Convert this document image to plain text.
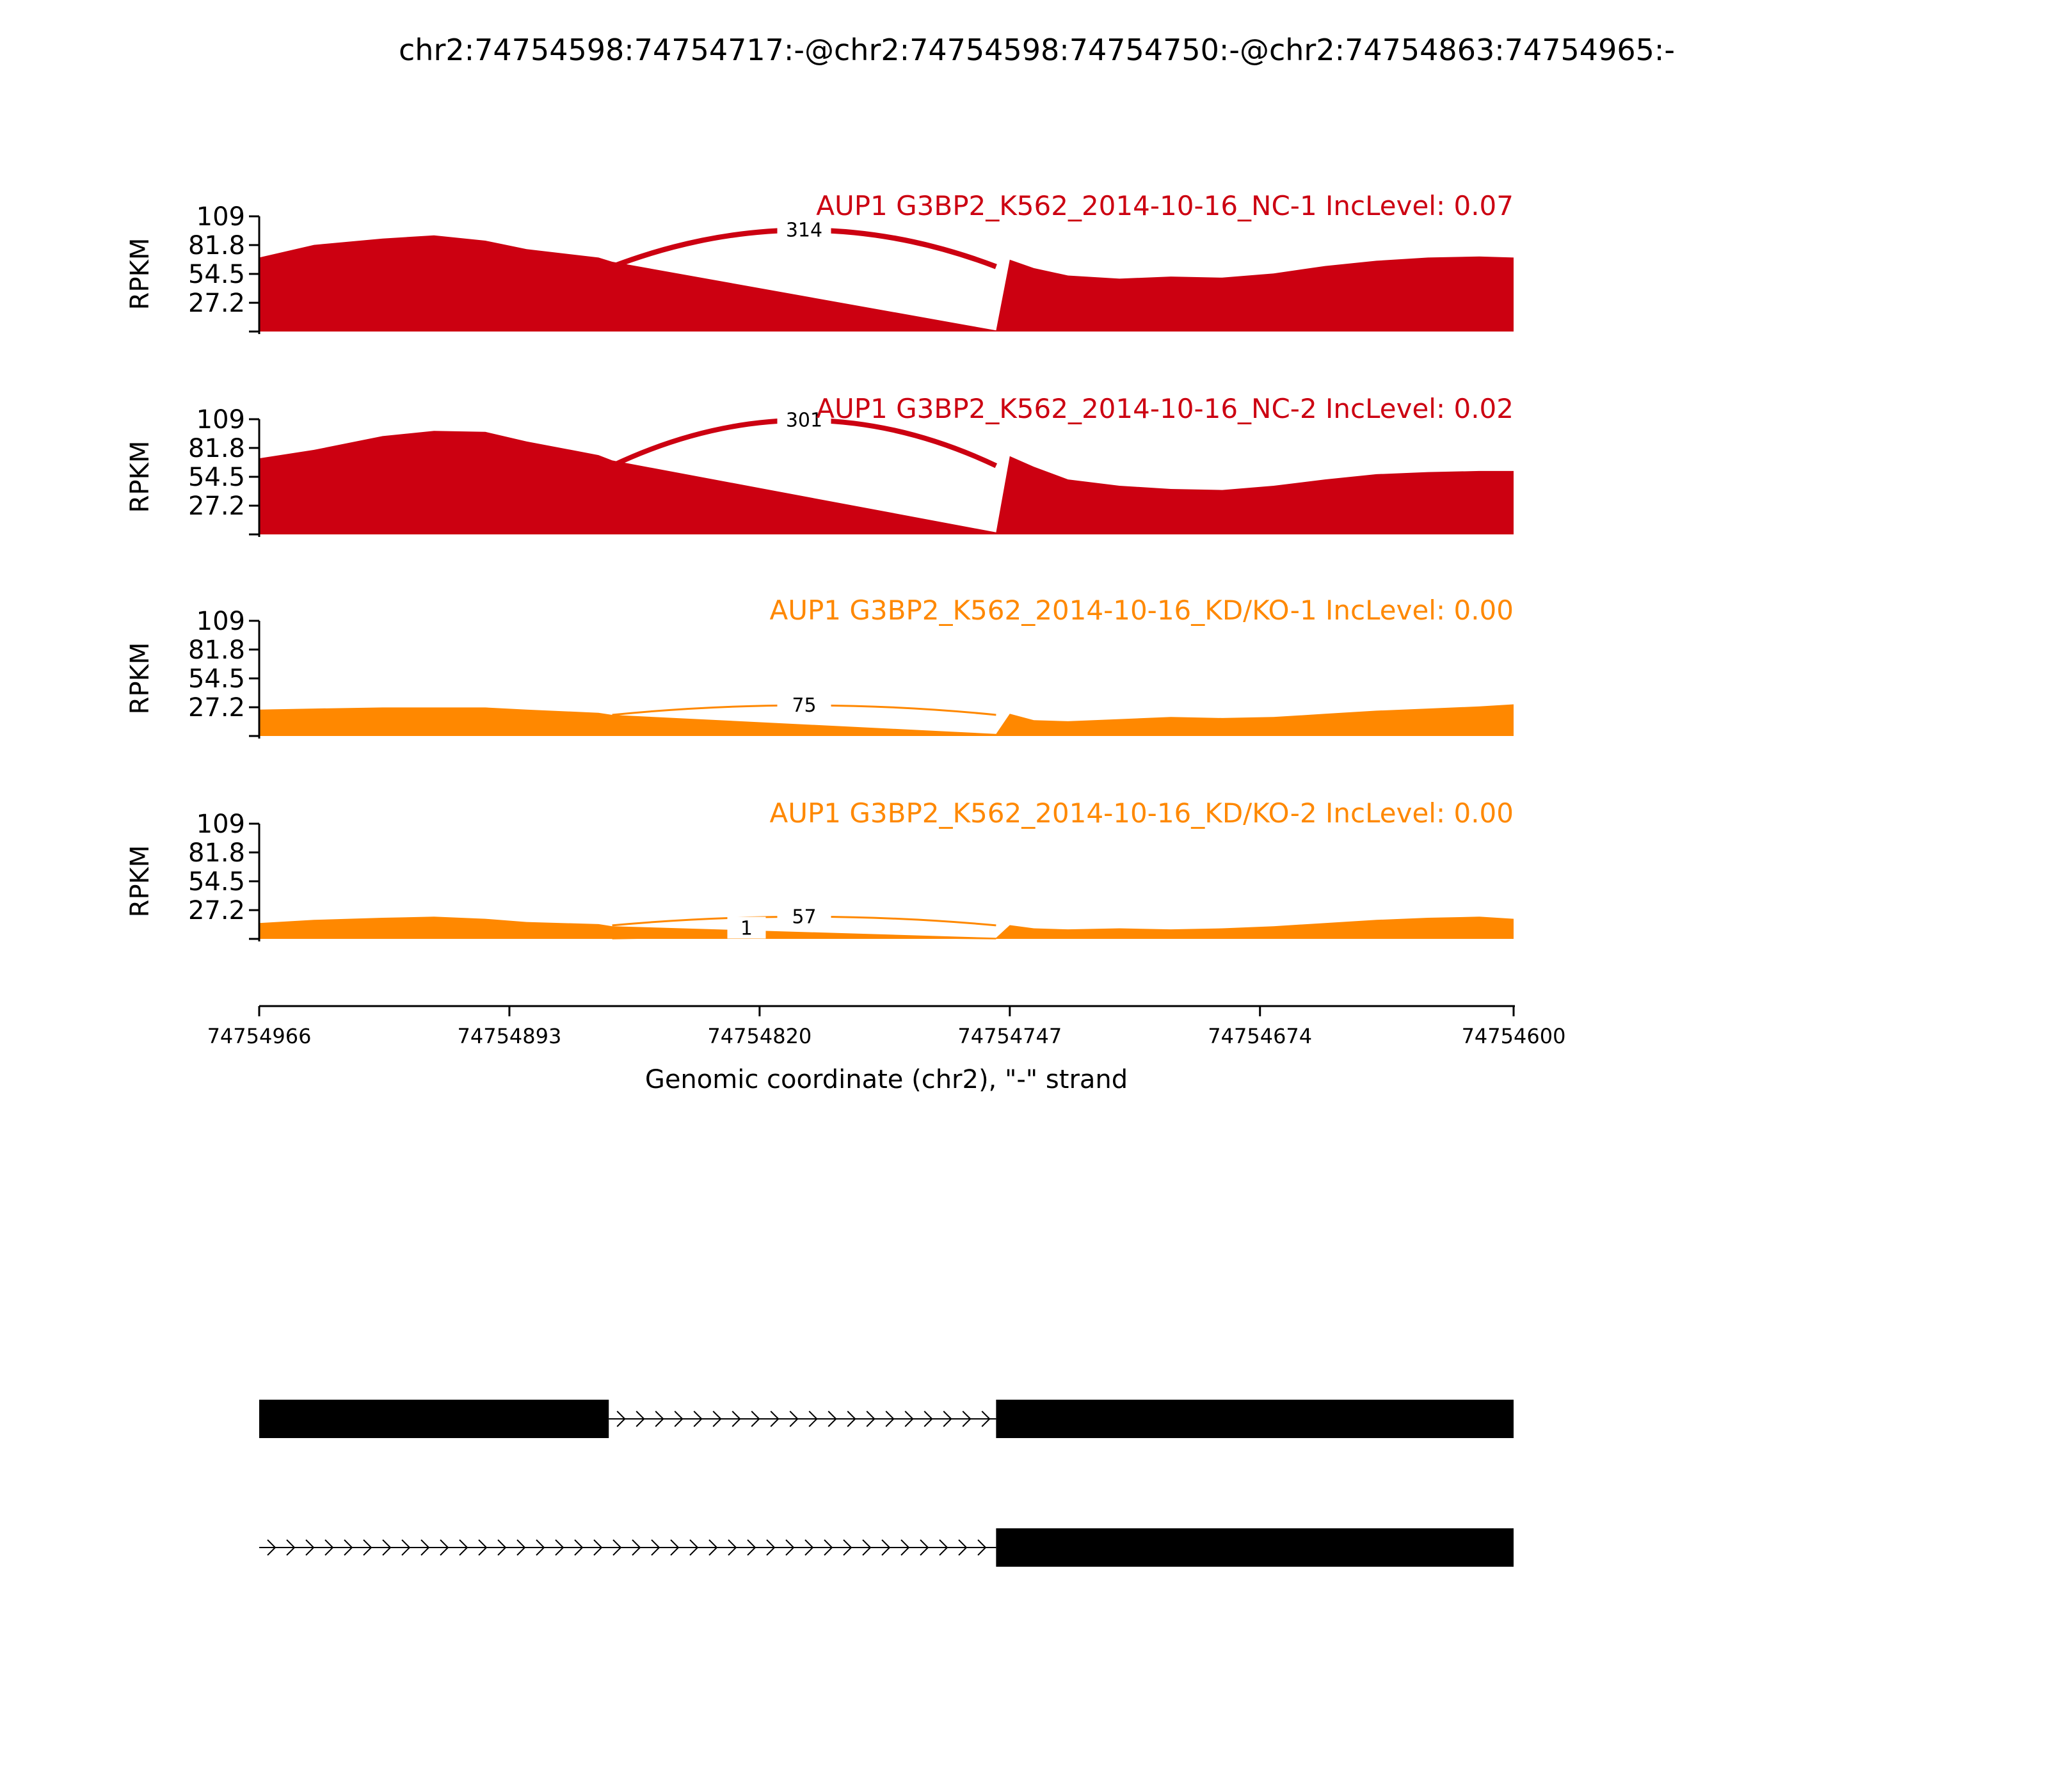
chr2:74754598:74754717:-@chr2:74754598:74754750:-@chr2:74754863:74754965:-
314
109
81.8
54.5
27.2
RPKM
AUP1 G3BP2_K562_2014-10-16_NC-1 IncLevel: 0.07
301
109
81.8
54.5
27.2
RPKM
AUP1 G3BP2_K562_2014-10-16_NC-2 IncLevel: 0.02
75
109
81.8
54.5
27.2
RPKM
AUP1 G3BP2_K562_2014-10-16_KD/KO-1 IncLevel: 0.00
57
1
109
81.8
54.5
27.2
RPKM
AUP1 G3BP2_K562_2014-10-16_KD/KO-2 IncLevel: 0.00
74754966	74754893	74754820	74754747	74754674	74754600
Genomic coordinate (chr2), "-" strand
